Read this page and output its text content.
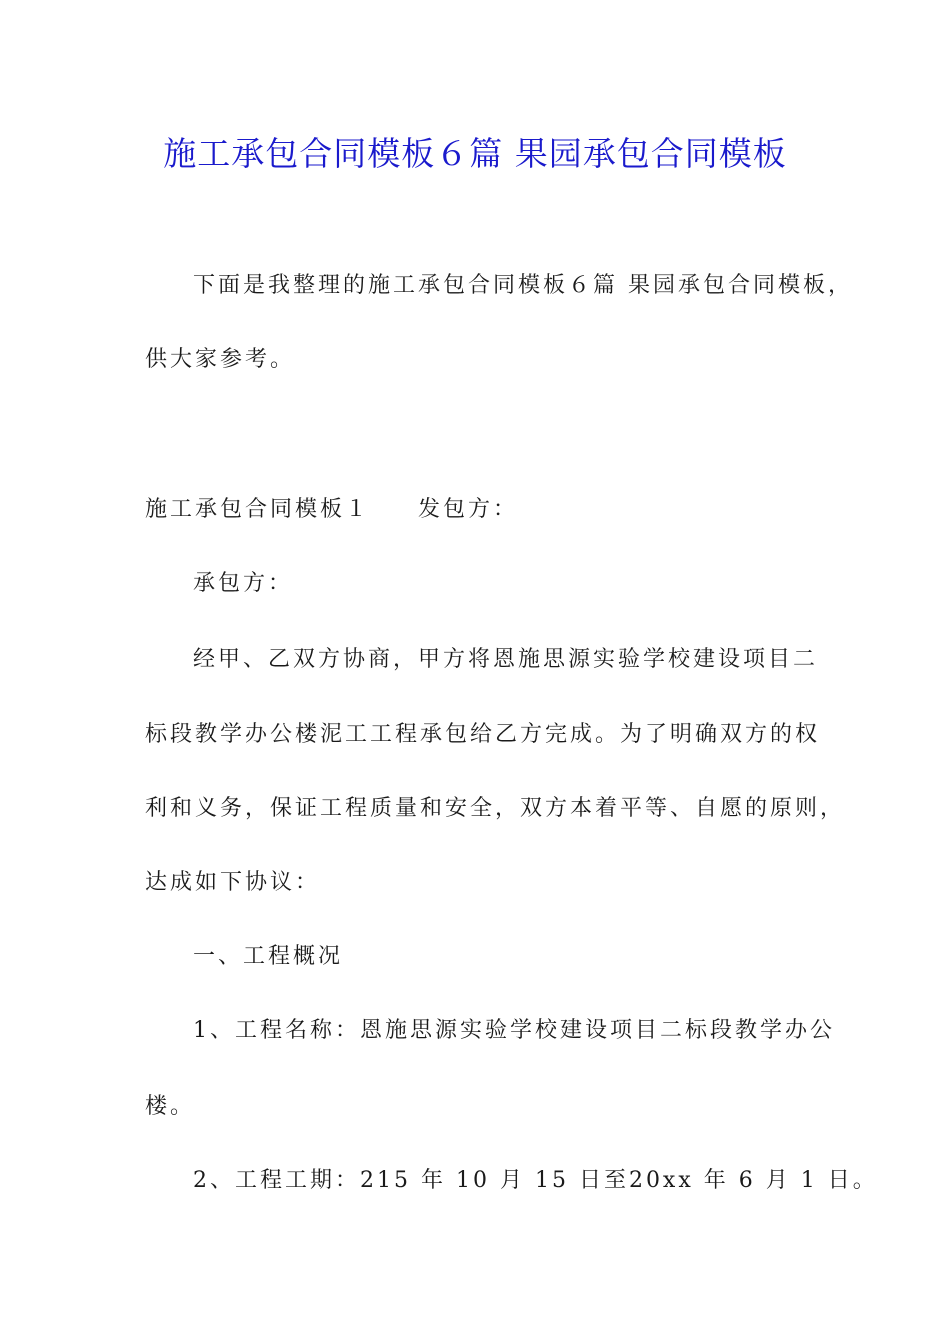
施工承包合同模板６篇 果园承包合同模板
下面是我整理的施工承包合同模板６篇 果园承包合同模板，
供大家参考。
施工承包合同模板１ 发包方：
承包方：
经甲、乙双方协商，甲方将恩施思源实验学校建设项目二
标段教学办公楼泥工工程承包给乙方完成。为了明确双方的权
利和义务，保证工程质量和安全，双方本着平等、自愿的原则，
达成如下协议：
一、工程概况
1、工程名称：恩施思源实验学校建设项目二标段教学办公
楼。
2、工程工期：215 年 10 月 15 日至20xx 年 6 月 1 日。
